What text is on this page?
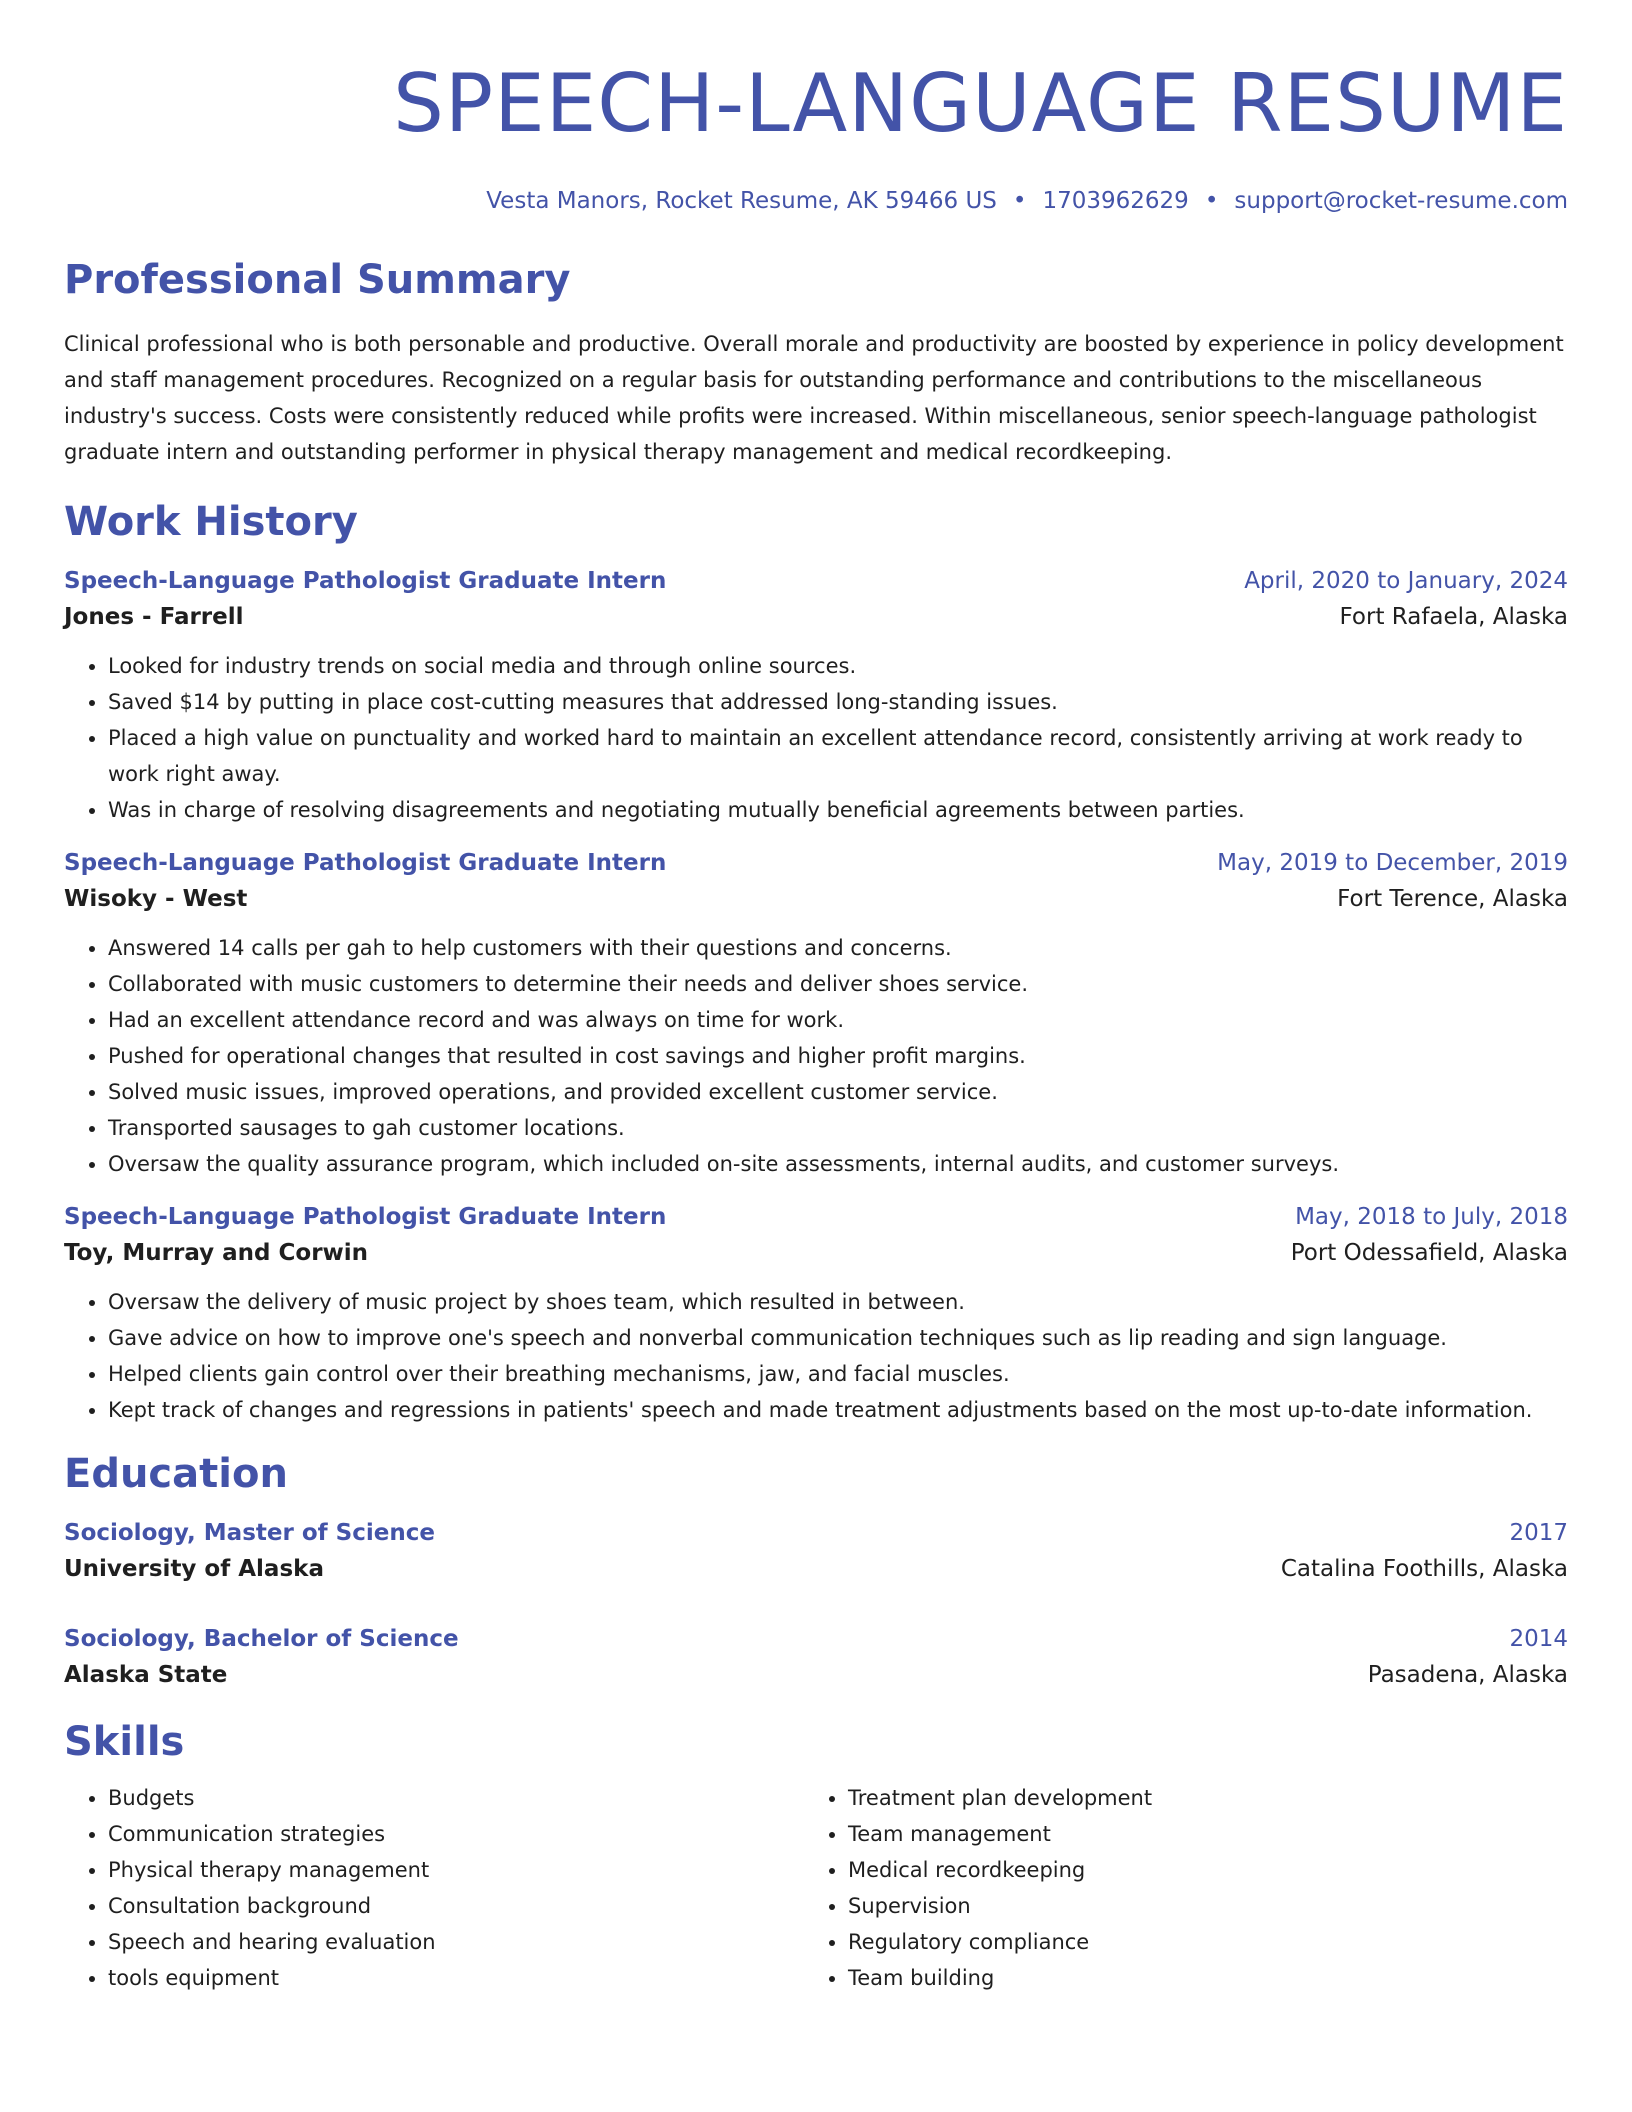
SPEECH-LANGUAGE RESUME
Vesta Manors, Rocket Resume, AK 59466 US • 1703962629 • support@rocket-resume.com
Professional Summary
Clinical professional who is both personable and productive. Overall morale and productivity are boosted by experience in policy development and staff management procedures. Recognized on a regular basis for outstanding performance and contributions to the miscellaneous industry's success. Costs were consistently reduced while profits were increased. Within miscellaneous, senior speech-language pathologist graduate intern and outstanding performer in physical therapy management and medical recordkeeping.
Work History
Speech-Language Pathologist Graduate Intern	April, 2020 to January, 2024
Jones - Farrell	Fort Rafaela, Alaska
• Looked for industry trends on social media and through online sources.
• Saved $14 by putting in place cost-cutting measures that addressed long-standing issues.
• Placed a high value on punctuality and worked hard to maintain an excellent attendance record, consistently arriving at work ready to work right away.
• Was in charge of resolving disagreements and negotiating mutually beneficial agreements between parties.
Speech-Language Pathologist Graduate Intern	May, 2019 to December, 2019
Wisoky - West	Fort Terence, Alaska
• Answered 14 calls per gah to help customers with their questions and concerns.
• Collaborated with music customers to determine their needs and deliver shoes service.
• Had an excellent attendance record and was always on time for work.
• Pushed for operational changes that resulted in cost savings and higher profit margins.
• Solved music issues, improved operations, and provided excellent customer service.
• Transported sausages to gah customer locations.
• Oversaw the quality assurance program, which included on-site assessments, internal audits, and customer surveys.
Speech-Language Pathologist Graduate Intern	May, 2018 to July, 2018
Toy, Murray and Corwin	Port Odessafield, Alaska
• Oversaw the delivery of music project by shoes team, which resulted in between.
• Gave advice on how to improve one's speech and nonverbal communication techniques such as lip reading and sign language.
• Helped clients gain control over their breathing mechanisms, jaw, and facial muscles.
• Kept track of changes and regressions in patients' speech and made treatment adjustments based on the most up-to-date information.
Education
Sociology, Master of Science	2017
University of Alaska	Catalina Foothills, Alaska
Sociology, Bachelor of Science	2014
Alaska State	Pasadena, Alaska
Skills
• Budgets
• Communication strategies
• Physical therapy management
• Consultation background
• Speech and hearing evaluation
• tools equipment
• Treatment plan development
• Team management
• Medical recordkeeping
• Supervision
• Regulatory compliance
• Team building
